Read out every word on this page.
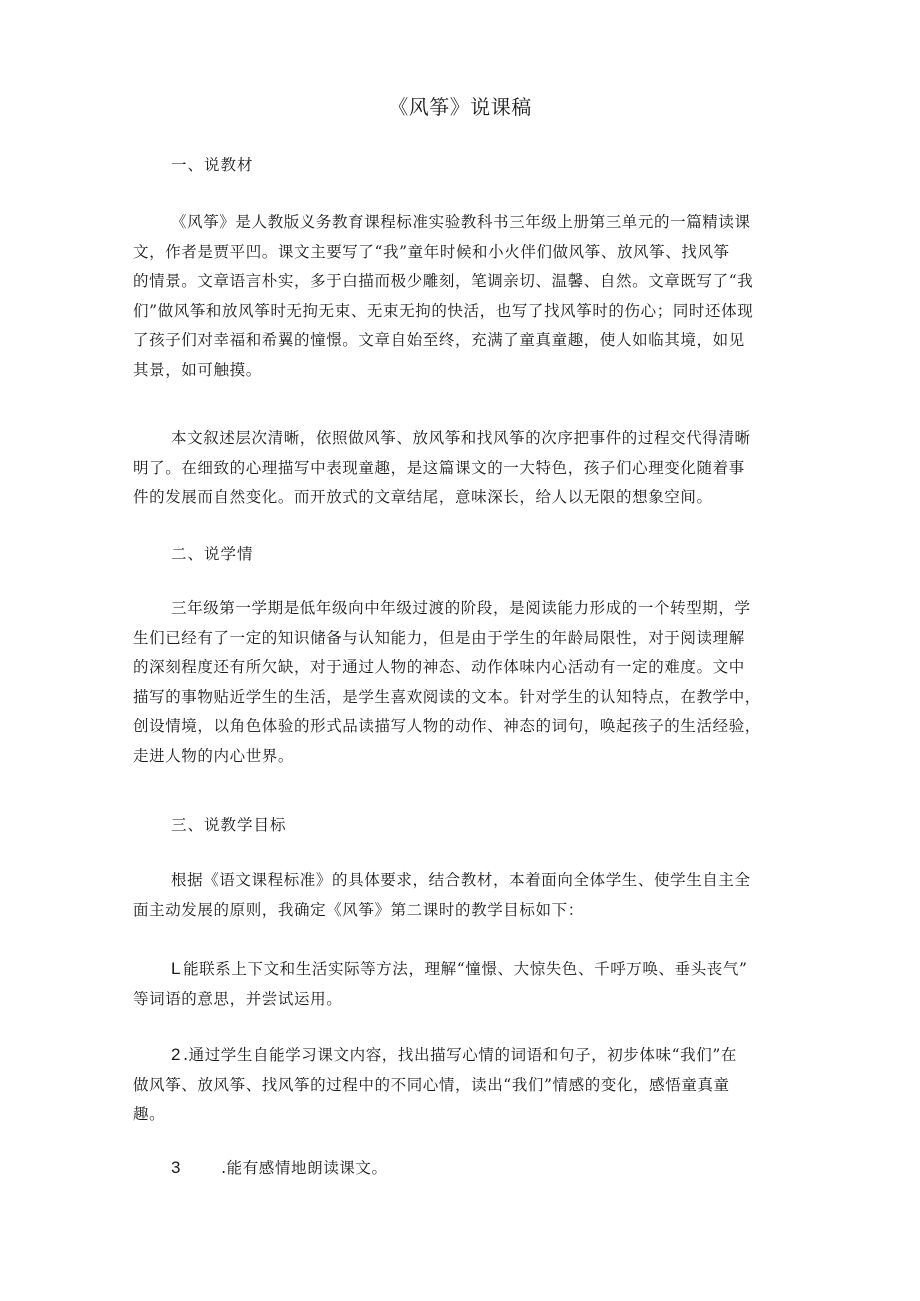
《风筝》说课稿
一、说教材

《风筝》是人教版义务教育课程标准实验教科书三年级上册第三单元的一篇精读课
文，作者是贾平凹。课文主要写了“我”童年时候和小火伴们做风筝、放风筝、找风筝
的情景。文章语言朴实，多于白描而极少雕刻，笔调亲切、温馨、自然。文章既写了“我
们”做风筝和放风筝时无拘无束、无束无拘的快活，也写了找风筝时的伤心；同时还体现
了孩子们对幸福和希翼的憧憬。文章自始至终，充满了童真童趣，使人如临其境，如见
其景，如可触摸。

本文叙述层次清晰，依照做风筝、放风筝和找风筝的次序把事件的过程交代得清晰
明了。在细致的心理描写中表现童趣，是这篇课文的一大特色，孩子们心理变化随着事
件的发展而自然变化。而开放式的文章结尾，意味深长，给人以无限的想象空间。

二、说学情

三年级第一学期是低年级向中年级过渡的阶段，是阅读能力形成的一个转型期，学
生们已经有了一定的知识储备与认知能力，但是由于学生的年龄局限性，对于阅读理解
的深刻程度还有所欠缺，对于通过人物的神态、动作体味内心活动有一定的难度。文中
描写的事物贴近学生的生活，是学生喜欢阅读的文本。针对学生的认知特点，在教学中，
创设情境，以角色体验的形式品读描写人物的动作、神态的词句，唤起孩子的生活经验，
走进人物的内心世界。

三、说教学目标

根据《语文课程标准》的具体要求，结合教材，本着面向全体学生、使学生自主全
面主动发展的原则，我确定《风筝》第二课时的教学目标如下：

L 能联系上下文和生活实际等方法，理解“憧憬、大惊失色、千呼万唤、垂头丧气”
等词语的意思，并尝试运用。

2 .通过学生自能学习课文内容，找出描写心情的词语和句子，初步体味“我们”在
做风筝、放风筝、找风筝的过程中的不同心情，读出“我们”情感的变化，感悟童真童
趣。

3	.能有感情地朗读课文。
